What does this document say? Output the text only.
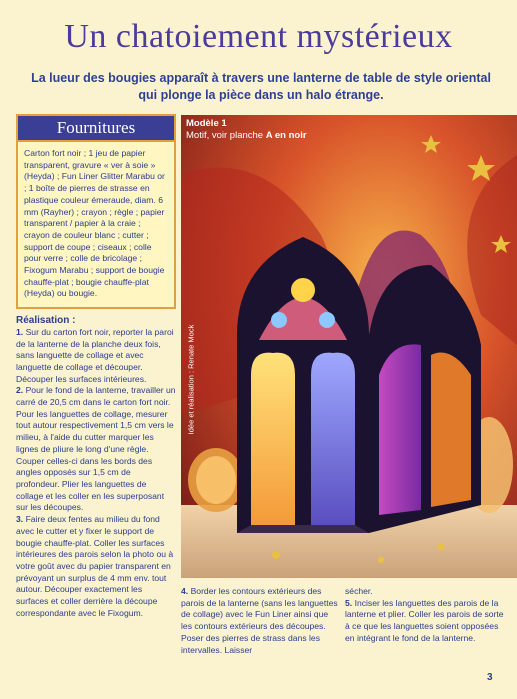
Un chatoiement mystérieux
La lueur des bougies apparaît à travers une lanterne de table de style oriental qui plonge la pièce dans un halo étrange.
Fournitures
Carton fort noir ; 1 jeu de papier transparent, gravure « ver à soie » (Heyda) ; Fun Liner Glitter Marabu or ; 1 boîte de pierres de strasse en plastique couleur émeraude, diam. 6 mm (Rayher) ; crayon ; règle ; papier transparent / papier à la craie ; crayon de couleur blanc ; cutter ; support de coupe ; ciseaux ; colle pour verre ; colle de bricolage ; Fixogum Marabu ; support de bougie chauffe-plat ; bougie chauffe-plat (Heyda) ou bougie.
Réalisation :
1. Sur du carton fort noir, reporter la paroi de la lanterne de la planche deux fois, sans languette de collage et avec languette de collage et découper. Découper les surfaces intérieures.
2. Pour le fond de la lanterne, travailler un carré de 20,5 cm dans le carton fort noir. Pour les languettes de collage, mesurer tout autour respectivement 1,5 cm vers le milieu, à l'aide du cutter marquer les lignes de pliure le long d'une règle. Couper celles-ci dans les bords des angles opposés sur 1,5 cm de profondeur. Plier les languettes de collage et les coller en les superposant sur les découpes.
3. Faire deux fentes au milieu du fond avec le cutter et y fixer le support de bougie chauffe-plat. Coller les surfaces intérieures des parois selon la photo ou à votre goût avec du papier transparent en prévoyant un surplus de 4 mm env. tout autour. Découper exactement les surfaces et coller derrière la découpe correspondante avec le Fixogum.
Modèle 1
Motif, voir planche A en noir
Idée et réalisation : Renate Mock
4. Border les contours extérieurs des parois de la lanterne (sans les languettes de collage) avec le Fun Liner ainsi que les contours extérieurs des découpes. Poser des pierres de strass dans les intervalles. Laisser
sécher.
5. Inciser les languettes des parois de la lanterne et plier. Coller les parois de sorte à ce que les languettes soient opposées en intégrant le fond de la lanterne.
3
